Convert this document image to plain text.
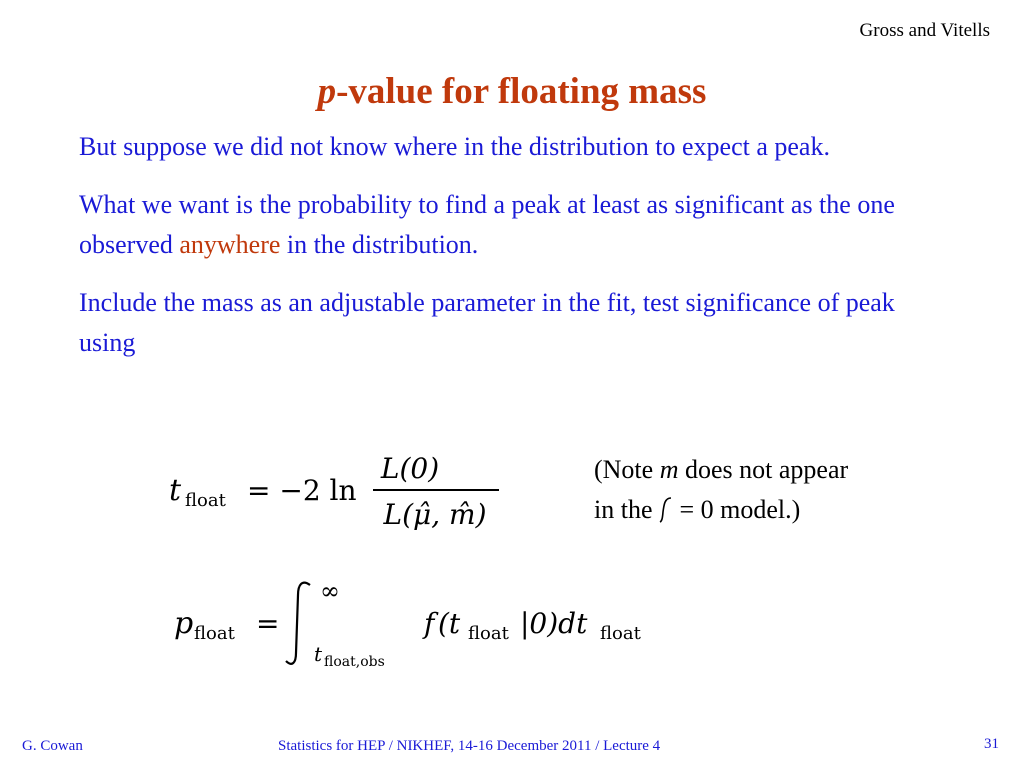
Gross and Vitells
p-value for floating mass

But suppose we did not know where in the distribution to expect a peak.

What we want is the probability to find a peak at least as significant as the one observed anywhere in the distribution.

Include the mass as an adjustable parameter in the fit, test significance of peak using

t float = −2 ln
L(0)
L(μ̂, m̂)
(Note m does not appear
in the  = 0 model.)
p float =
∞
t float,obs
f (t float |0)dt float
G. Cowan	Statistics for HEP / NIKHEF, 14-16 December 2011 / Lecture 4	31
